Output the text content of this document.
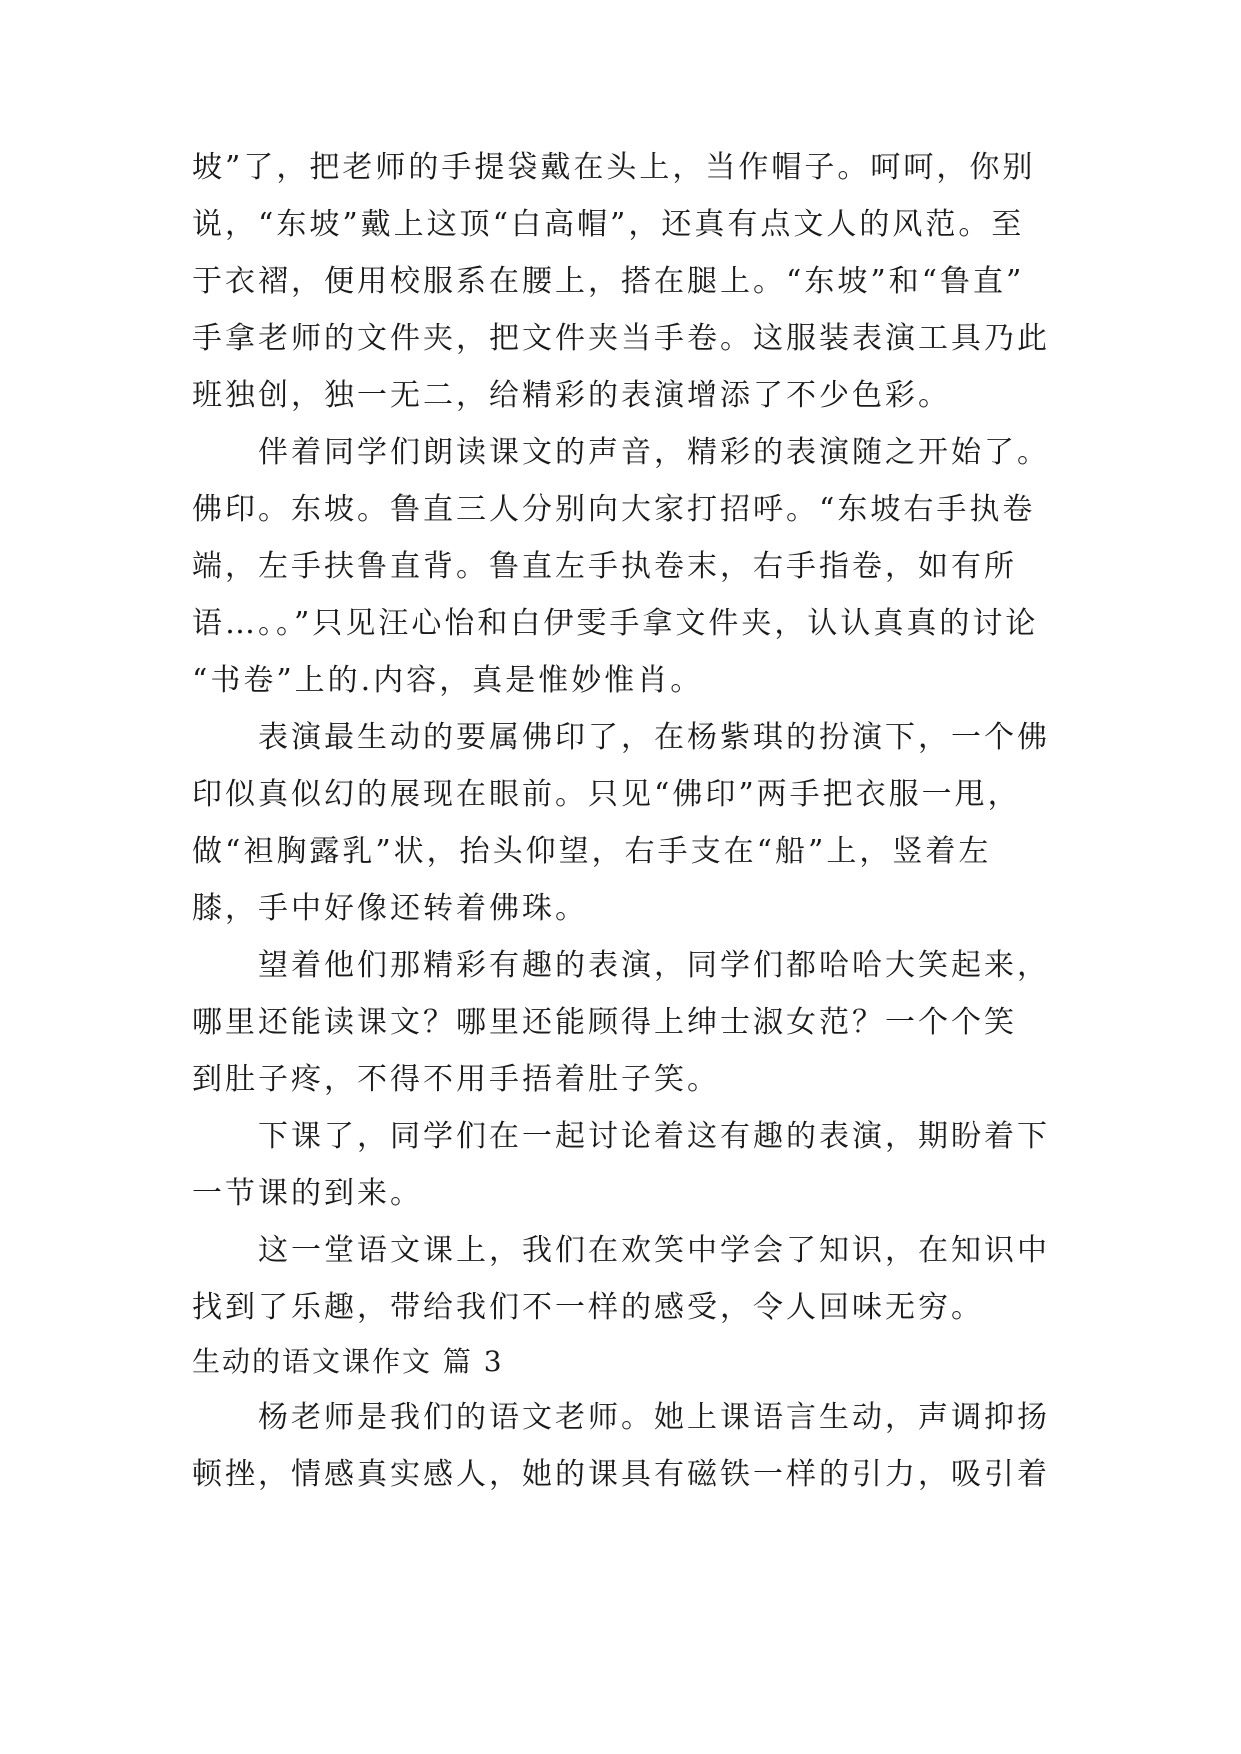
坡”了，把老师的手提袋戴在头上，当作帽子。呵呵，你别
说，“东坡”戴上这顶“白高帽”，还真有点文人的风范。至
于衣褶，便用校服系在腰上，搭在腿上。“东坡”和“鲁直”
手拿老师的文件夹，把文件夹当手卷。这服装表演工具乃此
班独创，独一无二，给精彩的表演增添了不少色彩。
　　伴着同学们朗读课文的声音，精彩的表演随之开始了。
佛印。东坡。鲁直三人分别向大家打招呼。“东坡右手执卷
端，左手扶鲁直背。鲁直左手执卷末，右手指卷，如有所
语…。。”只见汪心怡和白伊雯手拿文件夹，认认真真的讨论
“书卷”上的.内容，真是惟妙惟肖。
　　表演最生动的要属佛印了，在杨紫琪的扮演下，一个佛
印似真似幻的展现在眼前。只见“佛印”两手把衣服一甩，
做“袒胸露乳”状，抬头仰望，右手支在“船”上，竖着左
膝，手中好像还转着佛珠。
　　望着他们那精彩有趣的表演，同学们都哈哈大笑起来，
哪里还能读课文？哪里还能顾得上绅士淑女范？一个个笑
到肚子疼，不得不用手捂着肚子笑。
　　下课了，同学们在一起讨论着这有趣的表演，期盼着下
一节课的到来。
　　这一堂语文课上，我们在欢笑中学会了知识，在知识中
找到了乐趣，带给我们不一样的感受，令人回味无穷。
生动的语文课作文 篇 3
　　杨老师是我们的语文老师。她上课语言生动，声调抑扬
顿挫，情感真实感人，她的课具有磁铁一样的引力，吸引着
